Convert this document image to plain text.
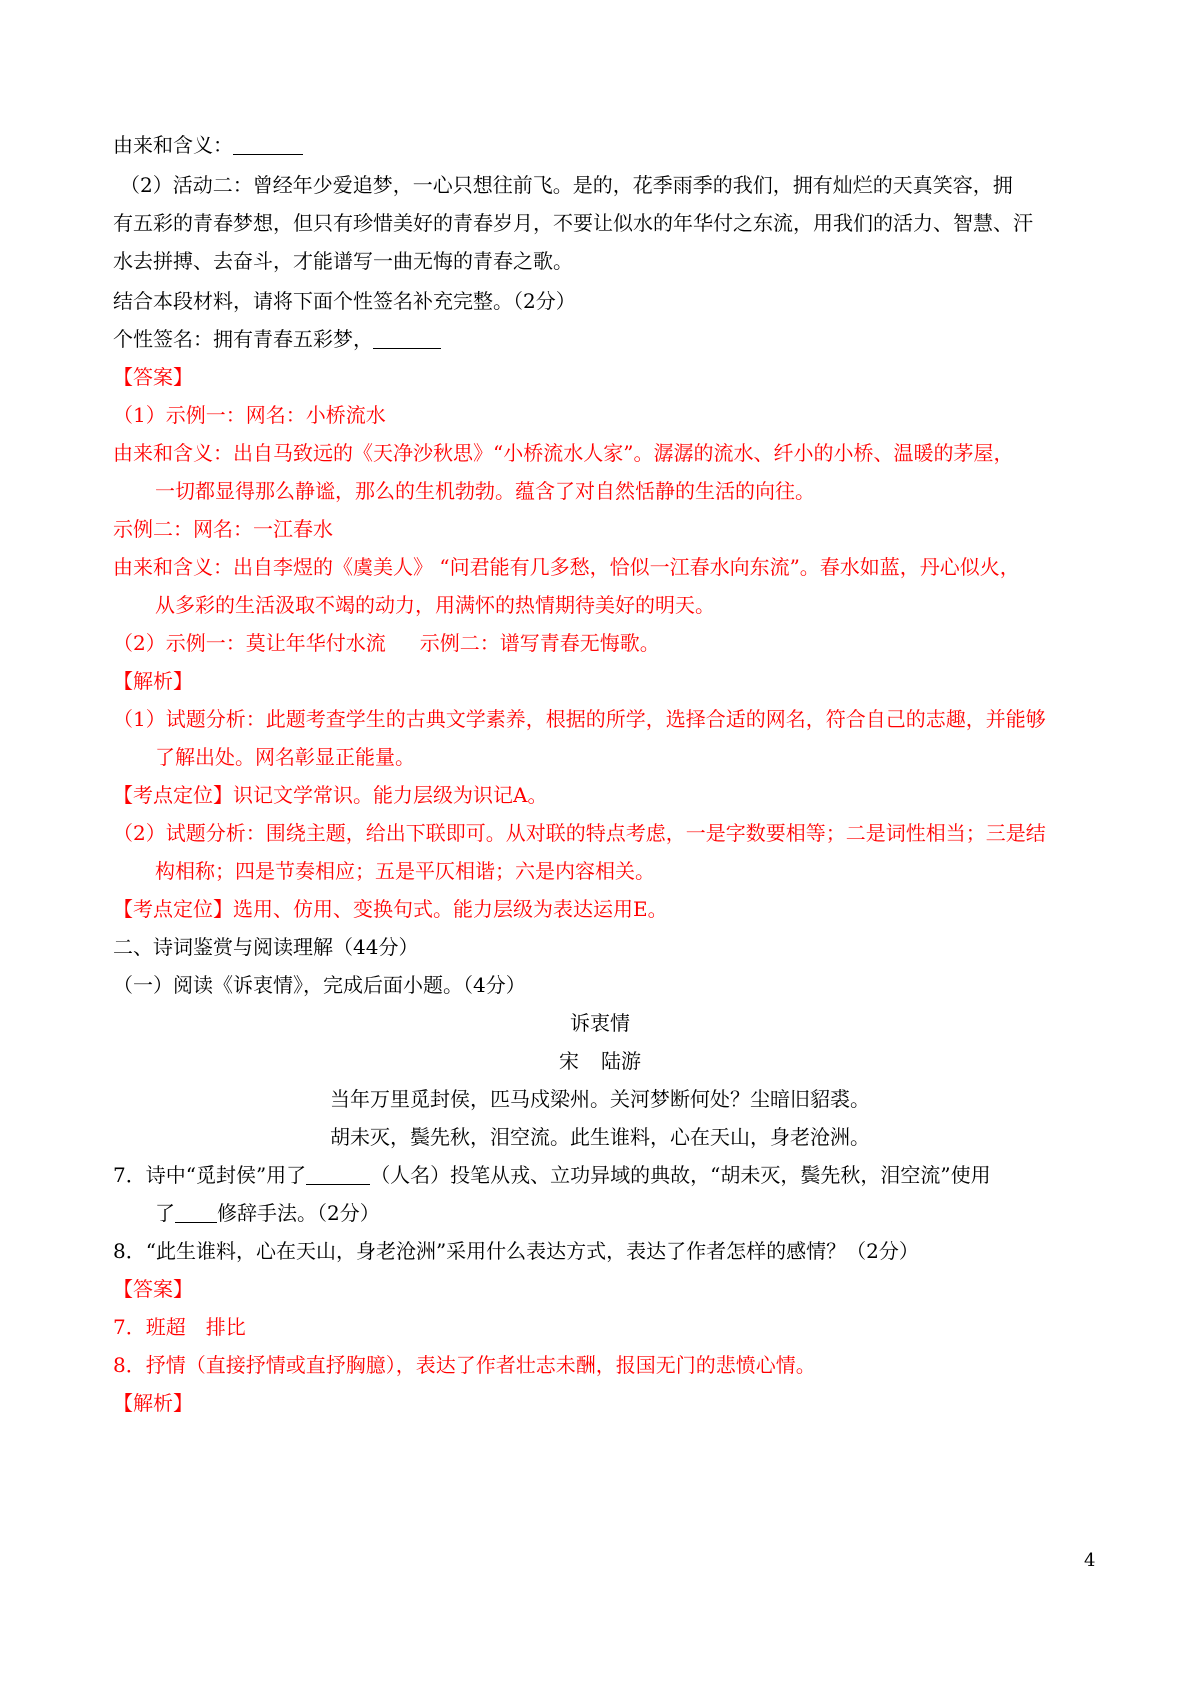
由来和含义：
（2）活动二：曾经年少爱追梦，一心只想往前飞。是的，花季雨季的我们，拥有灿烂的天真笑容，拥
有五彩的青春梦想，但只有珍惜美好的青春岁月，不要让似水的年华付之东流，用我们的活力、智慧、汗
水去拼搏、去奋斗，才能谱写一曲无悔的青春之歌。
结合本段材料，请将下面个性签名补充完整。（2分）
个性签名：拥有青春五彩梦，
【答案】
（1）示例一：网名：小桥流水
由来和含义：出自马致远的《天净沙秋思》“小桥流水人家”。潺潺的流水、纤小的小桥、温暖的茅屋，
一切都显得那么静谧，那么的生机勃勃。蕴含了对自然恬静的生活的向往。
示例二：网名：一江春水
由来和含义：出自李煜的《虞美人》 “问君能有几多愁，恰似一江春水向东流”。春水如蓝，丹心似火，
从多彩的生活汲取不竭的动力，用满怀的热情期待美好的明天。
（2）示例一：莫让年华付水流 示例二：谱写青春无悔歌。
【解析】
（1）试题分析：此题考查学生的古典文学素养，根据的所学，选择合适的网名，符合自己的志趣，并能够
了解出处。网名彰显正能量。
【考点定位】识记文学常识。能力层级为识记A。
（2）试题分析：围绕主题，给出下联即可。从对联的特点考虑，一是字数要相等；二是词性相当；三是结
构相称；四是节奏相应；五是平仄相谐；六是内容相关。
【考点定位】选用、仿用、变换句式。能力层级为表达运用E。
二、诗词鉴赏与阅读理解（44分）
（一）阅读《诉衷情》，完成后面小题。（4分）
诉衷情
宋 陆游
当年万里觅封侯，匹马戍梁州。关河梦断何处？尘暗旧貂裘。
胡未灭，鬓先秋，泪空流。此生谁料，心在天山，身老沧洲。
7．诗中“觅封侯”用了	（人名）投笔从戎、立功异域的典故，“胡未灭，鬓先秋，泪空流”使用
了 修辞手法。（2分）
8．“此生谁料，心在天山，身老沧洲”采用什么表达方式，表达了作者怎样的感情？（2分）
【答案】
7．班超　排比
8．抒情（直接抒情或直抒胸臆），表达了作者壮志未酬，报国无门的悲愤心情。
【解析】
4
